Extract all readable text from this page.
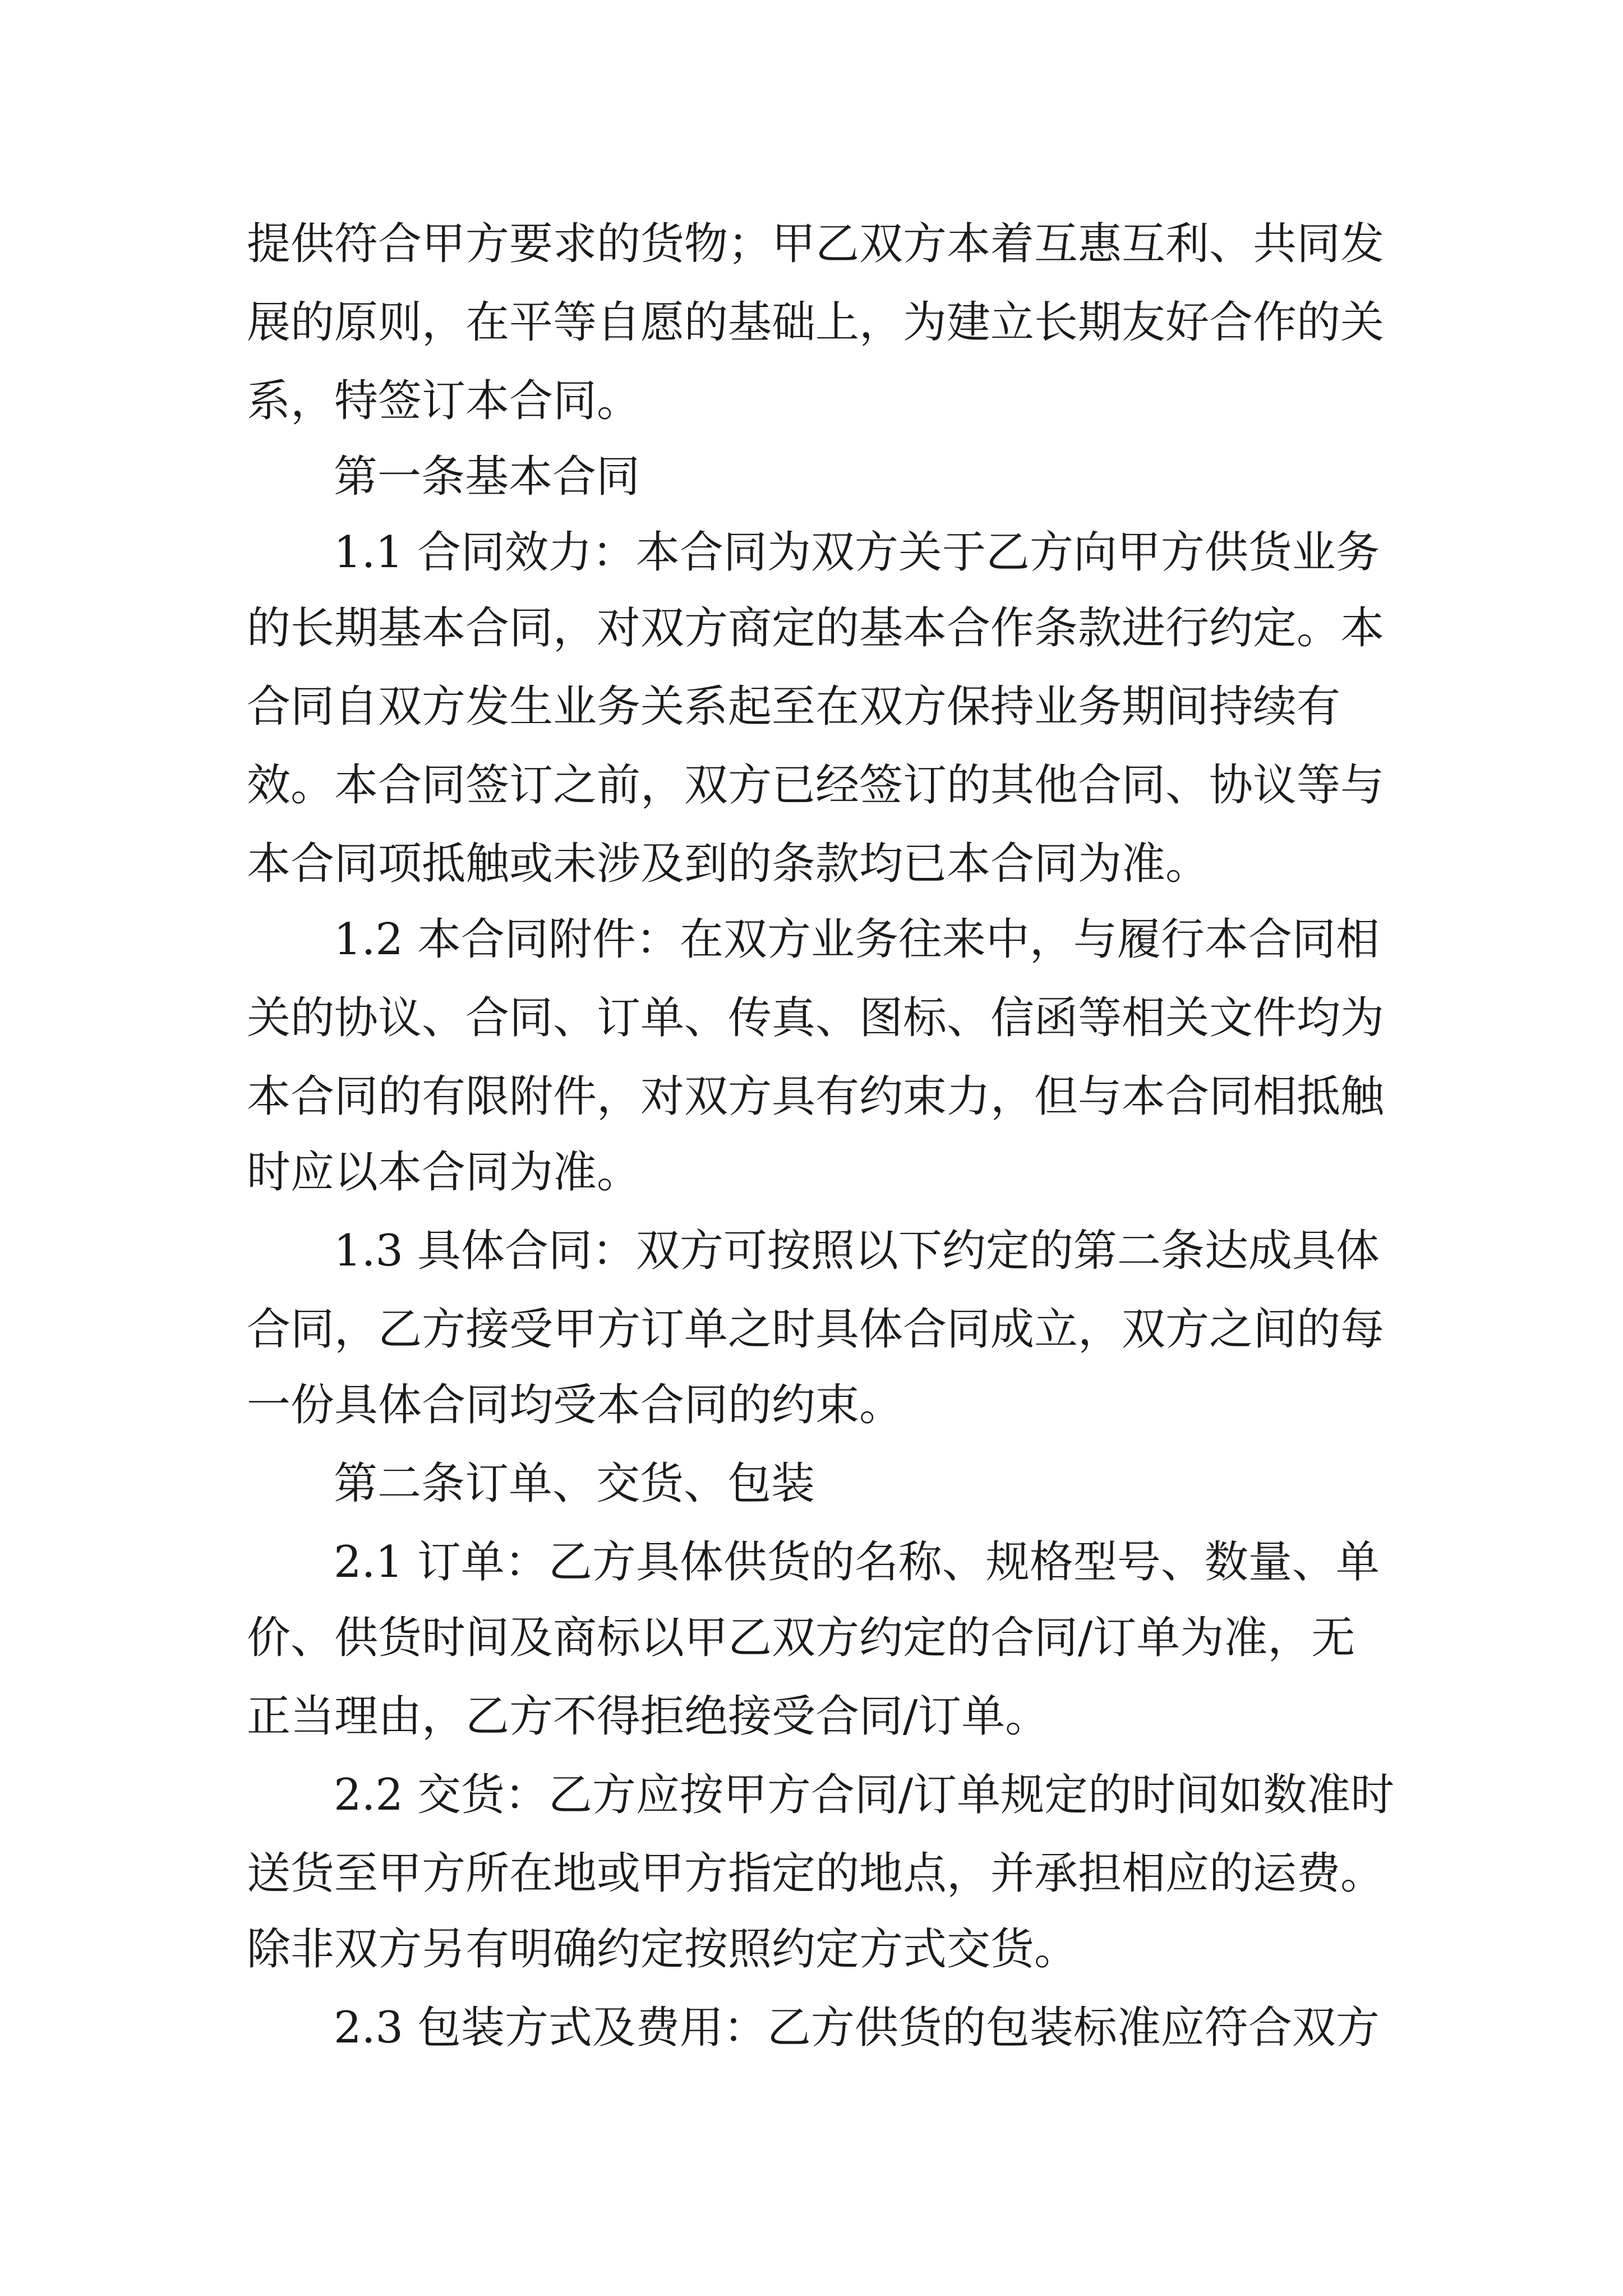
提供符合甲方要求的货物；甲乙双方本着互惠互利、共同发
展的原则，在平等自愿的基础上，为建立长期友好合作的关
系，特签订本合同。
第一条基本合同
1.1 合同效力：本合同为双方关于乙方向甲方供货业务
的长期基本合同，对双方商定的基本合作条款进行约定。本
合同自双方发生业务关系起至在双方保持业务期间持续有
效。本合同签订之前，双方已经签订的其他合同、协议等与
本合同项抵触或未涉及到的条款均已本合同为准。
1.2 本合同附件：在双方业务往来中，与履行本合同相
关的协议、合同、订单、传真、图标、信函等相关文件均为
本合同的有限附件，对双方具有约束力，但与本合同相抵触
时应以本合同为准。
1.3 具体合同：双方可按照以下约定的第二条达成具体
合同，乙方接受甲方订单之时具体合同成立，双方之间的每
一份具体合同均受本合同的约束。
第二条订单、交货、包装
2.1 订单：乙方具体供货的名称、规格型号、数量、单
价、供货时间及商标以甲乙双方约定的合同/订单为准，无
正当理由，乙方不得拒绝接受合同/订单。
2.2 交货：乙方应按甲方合同/订单规定的时间如数准时
送货至甲方所在地或甲方指定的地点，并承担相应的运费。
除非双方另有明确约定按照约定方式交货。
2.3 包装方式及费用：乙方供货的包装标准应符合双方
